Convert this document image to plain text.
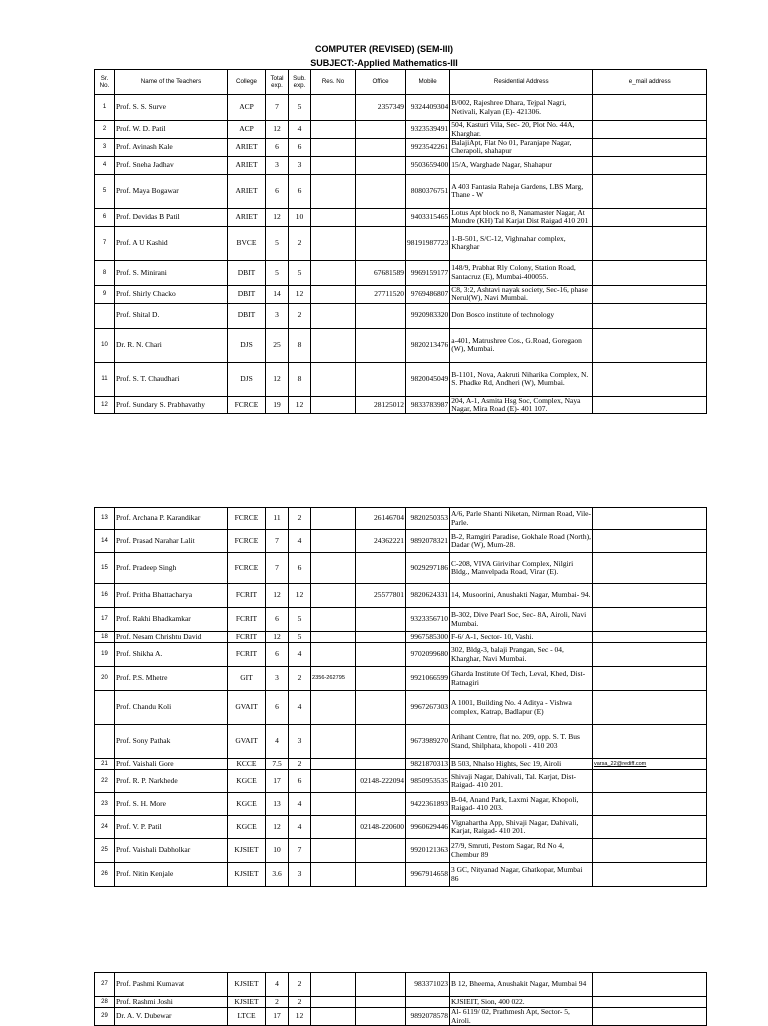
COMPUTER (REVISED) (SEM-III)
SUBJECT:-Applied Mathematics-III
Sr. No.	Name of the Teachers	College	Total exp.	Sub. exp.	Res. No	Office	Mobile	Residential Address	e_mail address
1	Prof. S. S. Surve	ACP	7	5		2357349	9324409304	B/002, Rajeshree Dhara, Tejpal Nagri, Netivali, Kalyan (E)- 421306.	
2	Prof. W. D. Patil	ACP	12	4			9323539491	504, Kasturi Vila, Sec- 20, Plot No. 44A, Kharghar.	
3	Prof. Avinash Kale	ARIET	6	6			9923542261	BalajiApt, Flat No 01, Paranjape Nagar, Cherapoli, shahapur	
4	Prof. Sneha Jadhav	ARIET	3	3			9503659400	15/A, Warghade Nagar, Shahapur	
5	Prof. Maya Bogawar	ARIET	6	6			8080376751	A 403 Fantasia Raheja Gardens, LBS Marg, Thane - W	
6	Prof. Devidas B Patil	ARIET	12	10			9403315465	Lotus Apt block no 8, Nanamaster Nagar, At Mundre (KH) Tal Karjat Dist Raigad 410 201	
7	Prof. A U Kashid	BVCE	5	2			98191987723	1-B-501, S/C-12, Vighnahar complex, Kharghar	
8	Prof. S. Minirani	DBIT	5	5		67681589	9969159177	148/9, Prabhat Rly Colony, Station Road, Santacruz (E), Mumbai-400055.	
9	Prof. Shirly Chacko	DBIT	14	12		27711520	9769486807	C8, 3:2, Ashtavi nayak society, Sec-16, phase Nerul(W), Navi Mumbai.	
	Prof. Shital D.	DBIT	3	2			9920983320	Don Bosco institute of technology	
10	Dr. R. N. Chari	DJS	25	8			9820213476	a-401, Matrushree Cos., G.Road, Goregaon (W), Mumbai.	
11	Prof. S. T. Chaudhari	DJS	12	8			9820045049	B-1101, Nova, Aakruti Niharika Complex, N. S. Phadke Rd, Andheri (W), Mumbai.	
12	Prof. Sundary S. Prabhavathy	FCRCE	19	12		28125012	9833783987	204, A-1, Asmita Hsg Soc, Complex, Naya Nagar, Mira Road (E)- 401 107.	
13	Prof. Archana P. Karandikar	FCRCE	11	2		26146704	9820250353	A/6, Parle Shanti Niketan, Nirman Road, Vile-Parle.	
14	Prof. Prasad Narahar Lalit	FCRCE	7	4		24362221	9892078321	B-2, Ramgiri Paradise, Gokhale Road (North), Dadar (W), Mum-28.	
15	Prof. Pradeep Singh	FCRCE	7	6			9029297186	C-208, VIVA Girivihar Complex, Nilgiri Bldg., Manvelpada Road, Virar (E).	
16	Prof. Pritha Bhattacharya	FCRIT	12	12		25577801	9820624331	14, Musoorini, Anushakti Nagar, Mumbai- 94.	
17	Prof. Rakhi Bhadkamkar	FCRIT	6	5			9323356710	B-302, Dive Pearl Soc, Sec- 8A, Airoli, Navi Mumbai.	
18	Prof. Nesam Chrishtu David	FCRIT	12	5			9967585300	F-6/ A-1, Sector- 10, Vashi.	
19	Prof. Shikha A.	FCRIT	6	4			9702099680	302, Bldg-3, balaji Prangan, Sec - 04, Kharghar, Navi Mumbai.	
20	Prof. P.S. Mhetre	GIT	3	2	2356-262795		9921066599	Gharda Institute Of Tech, Leval, Khed, Dist- Ratnagiri	
	Prof. Chandu Koli	GVAIT	6	4			9967267303	A 1001, Building No. 4 Aditya - Vishwa complex, Katrap, Badlapur (E)	
	Prof. Sony Pathak	GVAIT	4	3			9673989270	Arihant Centre, flat no. 209, opp. S. T. Bus Stand, Shilphata, khopoli - 410 203	
21	Prof. Vaishali Gore	KCCE	7.5	2			9821870313	B 503, Nhalso Hights, Sec 19, Airoli	varsa_22@rediff.com
22	Prof. R. P. Narkhede	KGCE	17	6		02148-222094	9850953535	Shivaji Nagar, Dahivali, Tal. Karjat, Dist- Raigad- 410 201.	
23	Prof. S. H. More	KGCE	13	4			9422361893	B-04, Anand Park, Laxmi Nagar, Khopoli, Raigad- 410 203.	
24	Prof. V. P. Patil	KGCE	12	4		02148-220600	9960629446	Vignahartha App, Shivaji Nagar, Dahivali, Karjat, Raigad- 410 201.	
25	Prof. Vaishali Dabholkar	KJSIET	10	7			9920121363	27/9, Smruti, Pestom Sagar, Rd No 4, Chembur 89	
26	Prof. Nitin Kenjale	KJSIET	3.6	3			9967914658	3 GC, Nityanad Nagar, Ghatkopar, Mumbai 86	
27	Prof. Pashmi Kumavat	KJSIET	4	2			983371023	B 12, Bheema, Anushakit Nagar, Mumbai 94	
28	Prof. Rashmi Joshi	KJSIET	2	2				KJSIEIT, Sion, 400 022.	
29	Dr. A. V. Dubewar	LTCE	17	12			9892078578	Al- 6119/ 02, Prathmesh Apt, Sector- 5, Airoli.	
